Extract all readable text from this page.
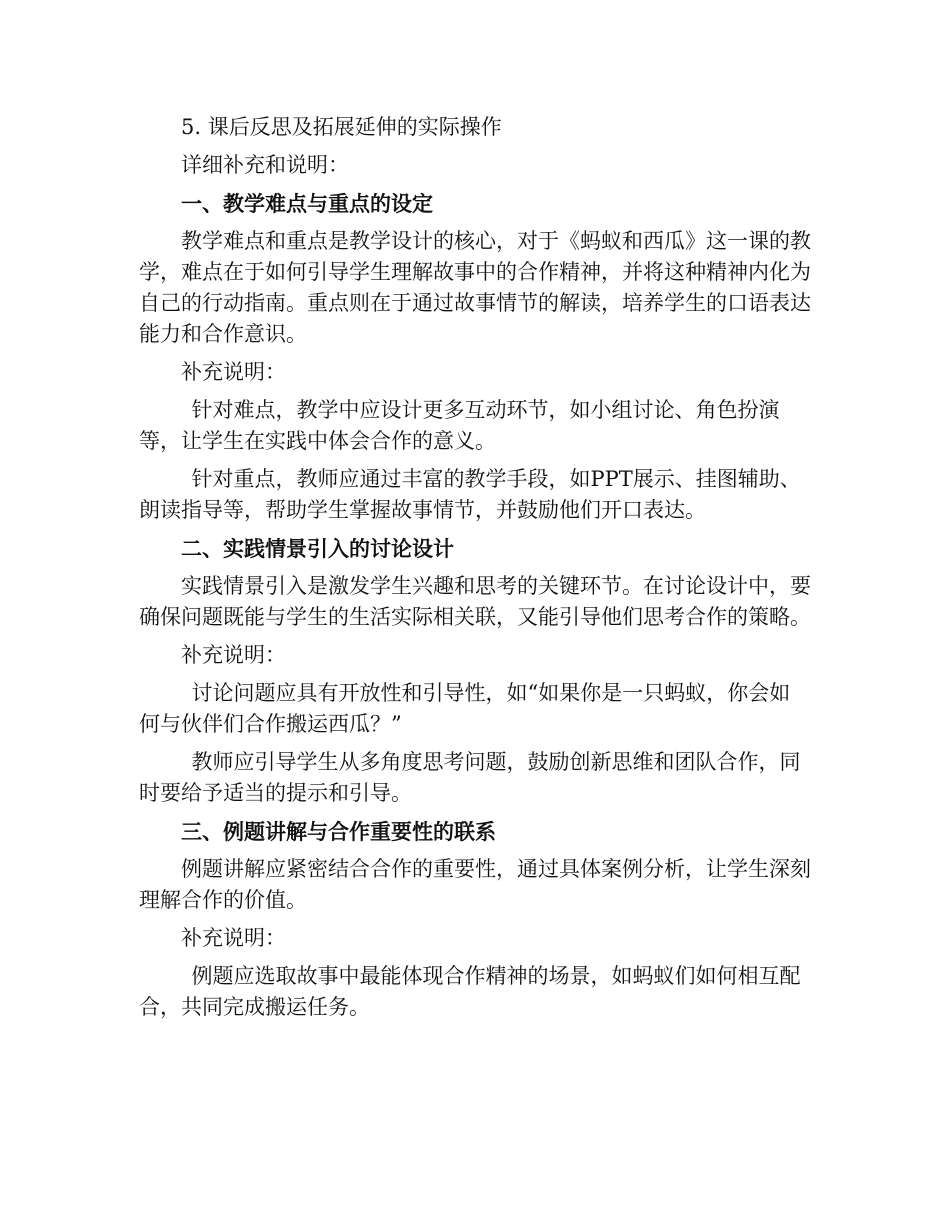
5. 课后反思及拓展延伸的实际操作

详细补充和说明：

一、教学难点与重点的设定

教学难点和重点是教学设计的核心，对于《蚂蚁和西瓜》这一课的教学，难点在于如何引导学生理解故事中的合作精神，并将这种精神内化为自己的行动指南。重点则在于通过故事情节的解读，培养学生的口语表达能力和合作意识。

补充说明：

针对难点，教学中应设计更多互动环节，如小组讨论、角色扮演等，让学生在实践中体会合作的意义。

针对重点，教师应通过丰富的教学手段，如PPT展示、挂图辅助、朗读指导等，帮助学生掌握故事情节，并鼓励他们开口表达。

二、实践情景引入的讨论设计

实践情景引入是激发学生兴趣和思考的关键环节。在讨论设计中，要确保问题既能与学生的生活实际相关联，又能引导他们思考合作的策略。

补充说明：

讨论问题应具有开放性和引导性，如“如果你是一只蚂蚁，你会如何与伙伴们合作搬运西瓜？”

教师应引导学生从多角度思考问题，鼓励创新思维和团队合作，同时要给予适当的提示和引导。

三、例题讲解与合作重要性的联系

例题讲解应紧密结合合作的重要性，通过具体案例分析，让学生深刻理解合作的价值。

补充说明：

例题应选取故事中最能体现合作精神的场景，如蚂蚁们如何相互配合，共同完成搬运任务。
